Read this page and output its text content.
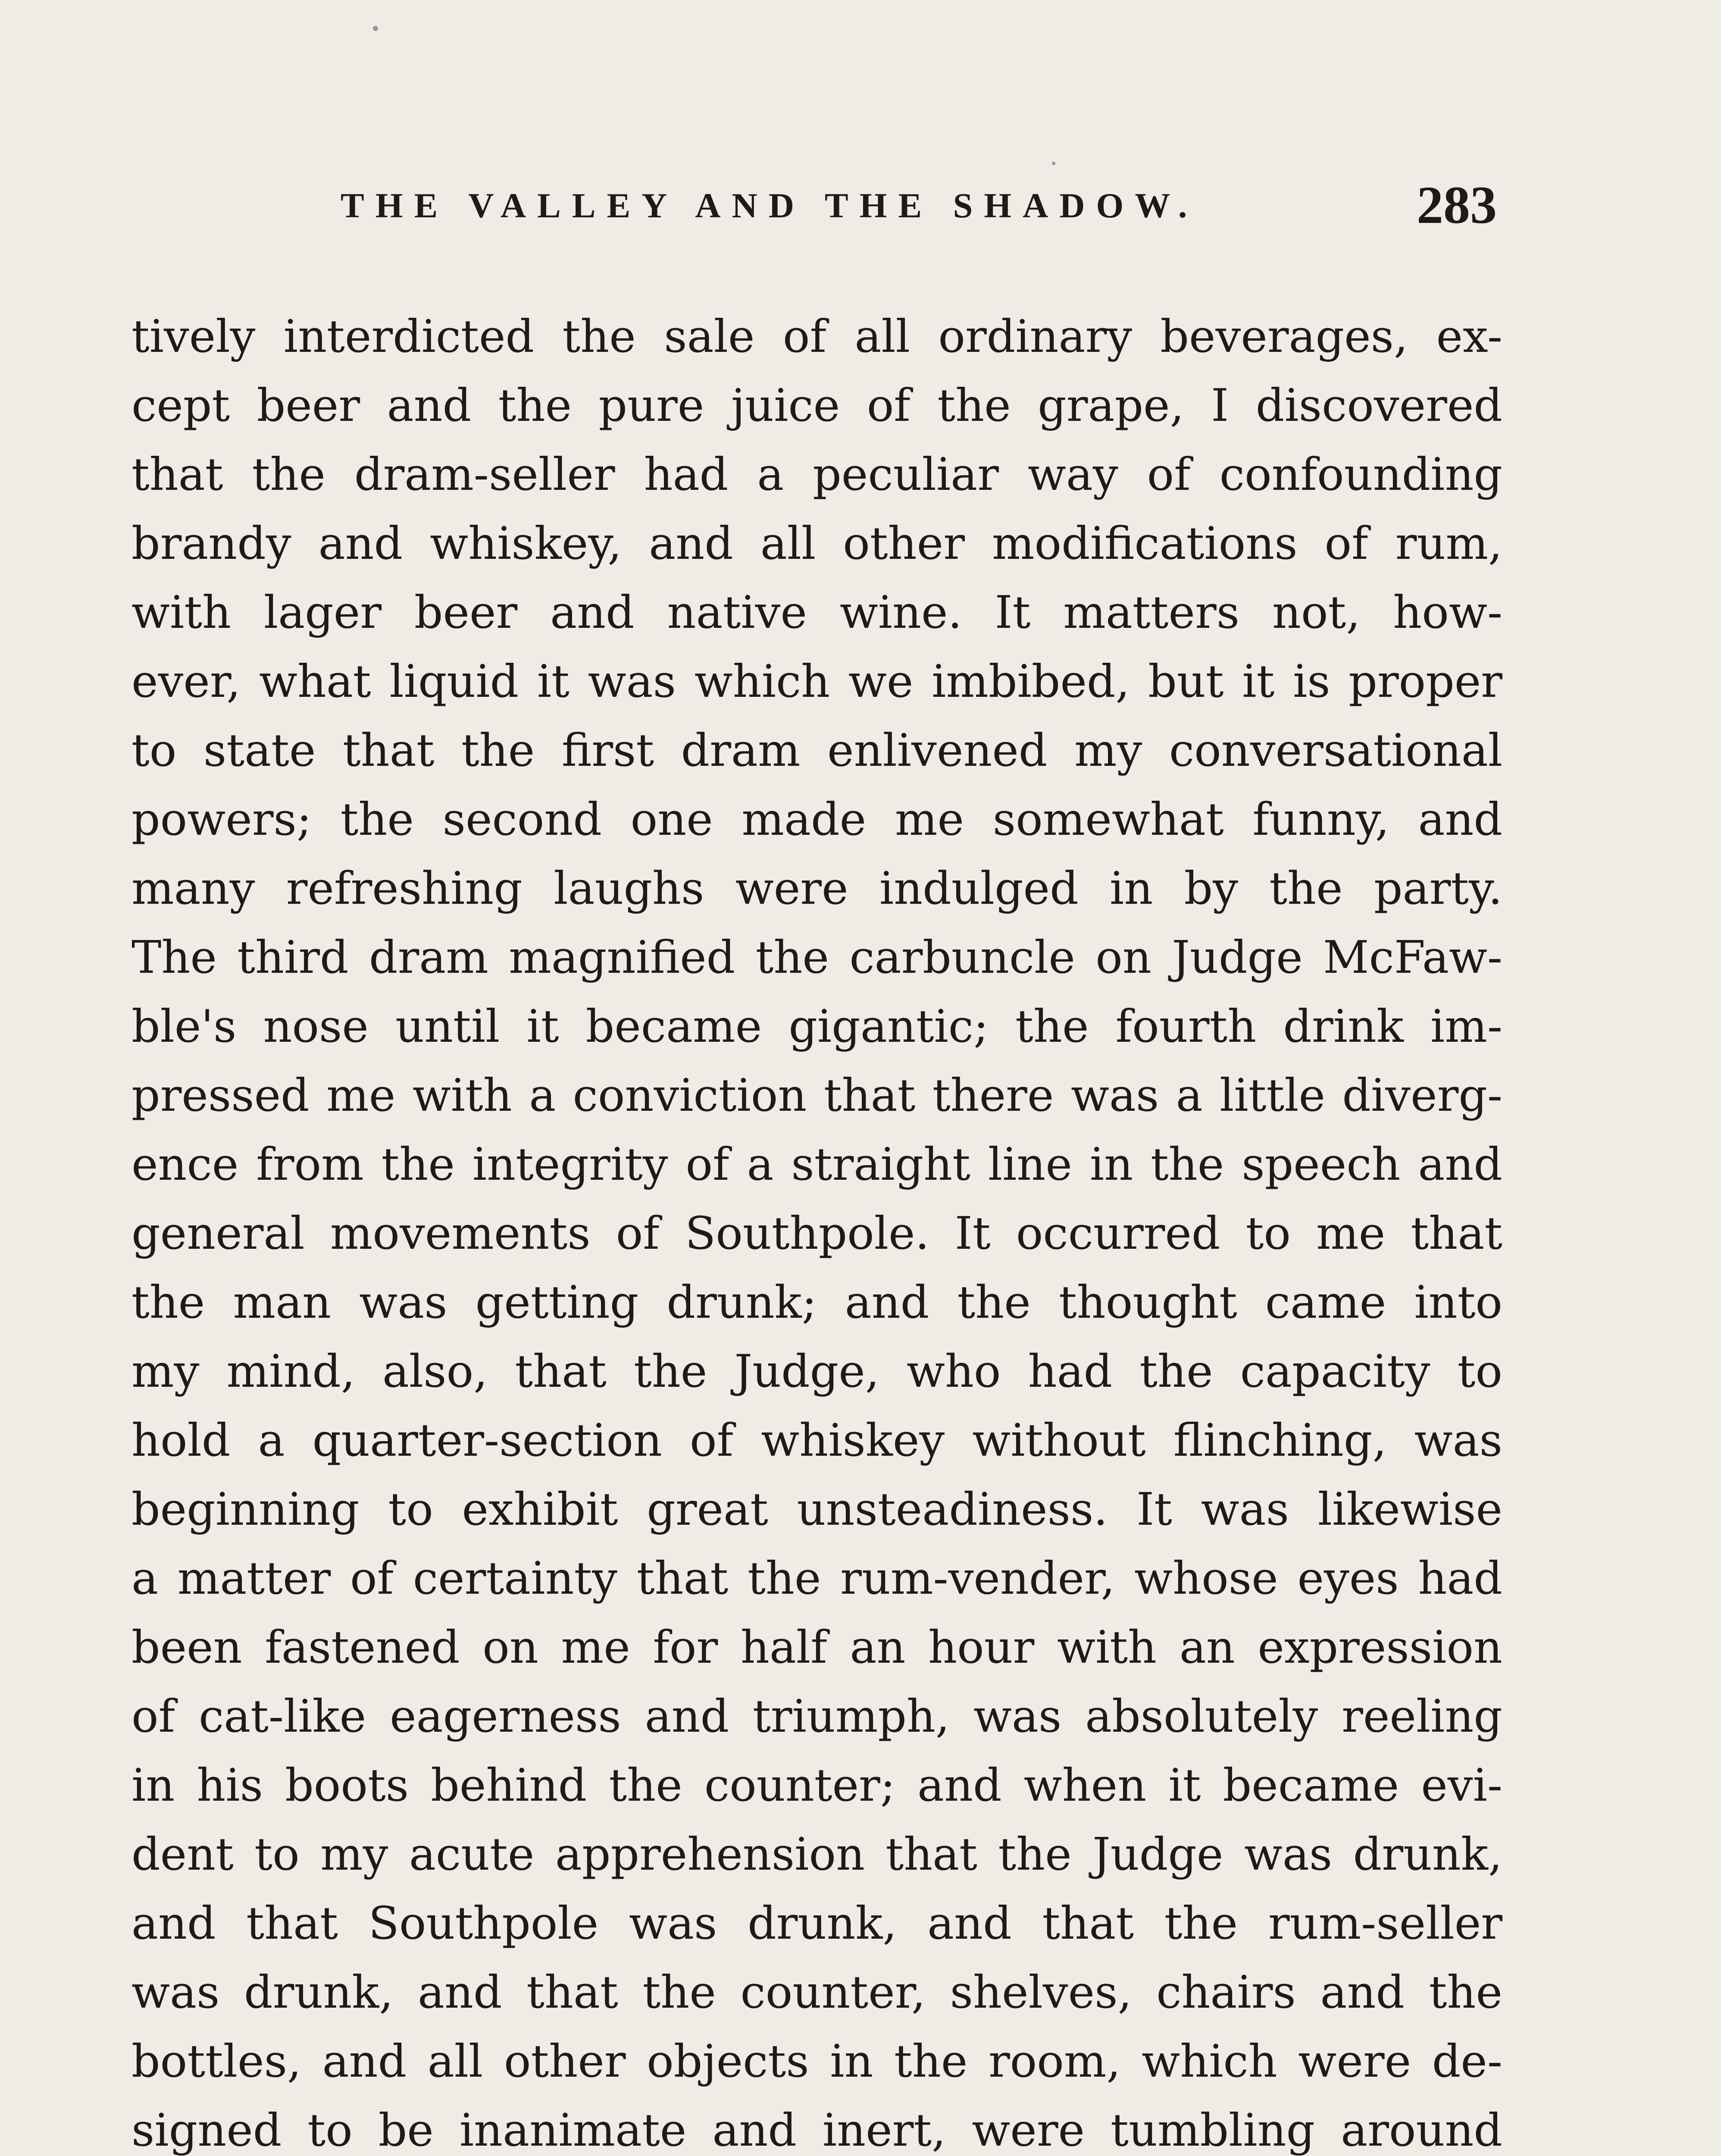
THE VALLEY AND THE SHADOW.	283
tively interdicted the sale of all ordinary beverages, ex-
cept beer and the pure juice of the grape, I discovered
that the dram-seller had a peculiar way of confounding
brandy and whiskey, and all other modifications of rum,
with lager beer and native wine. It matters not, how-
ever, what liquid it was which we imbibed, but it is proper
to state that the first dram enlivened my conversational
powers; the second one made me somewhat funny, and
many refreshing laughs were indulged in by the party.
The third dram magnified the carbuncle on Judge McFaw-
ble's nose until it became gigantic; the fourth drink im-
pressed me with a conviction that there was a little diverg-
ence from the integrity of a straight line in the speech and
general movements of Southpole. It occurred to me that
the man was getting drunk; and the thought came into
my mind, also, that the Judge, who had the capacity to
hold a quarter-section of whiskey without flinching, was
beginning to exhibit great unsteadiness. It was likewise
a matter of certainty that the rum-vender, whose eyes had
been fastened on me for half an hour with an expression
of cat-like eagerness and triumph, was absolutely reeling
in his boots behind the counter; and when it became evi-
dent to my acute apprehension that the Judge was drunk,
and that Southpole was drunk, and that the rum-seller
was drunk, and that the counter, shelves, chairs and the
bottles, and all other objects in the room, which were de-
signed to be inanimate and inert, were tumbling around
